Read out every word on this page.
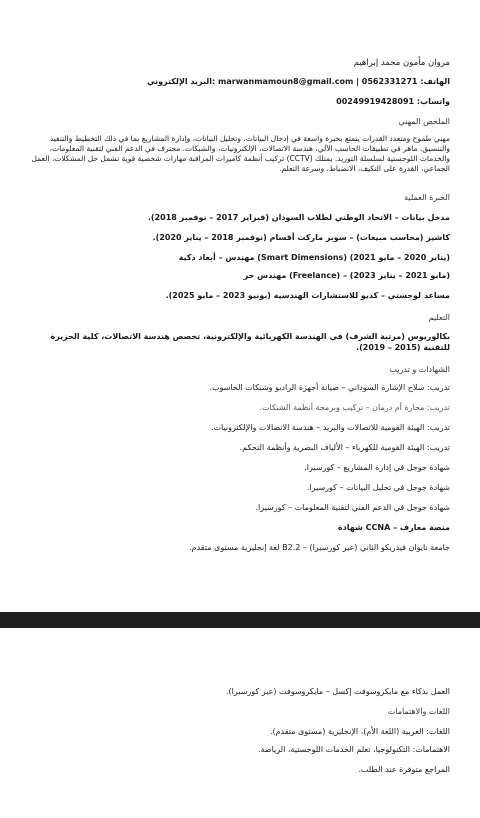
مروان مأمون محمد إبراهيم
الهاتف: 0562331271 | marwanmamoun8@gmail.com :البريد الإلكتروني
واتساب: 00249919428091
الملخص المهني
مهني طموح ومتعدد القدرات يتمتع بخبرة واسعة في إدخال البيانات، وتحليل البيانات، وإدارة المشاريع بما في ذلك التخطيط والتنفيذ والتنسيق. ماهر في تطبيقات الحاسب الآلي، هندسة الاتصالات، الإلكترونيات، والشبكات. محترف في الدعم الفني لتقنية المعلومات، والخدمات اللوجستية لسلسلة التوريد. يمتلك (CCTV) تركيب أنظمة كاميرات المراقبة مهارات شخصية قوية تشمل حل المشكلات، العمل الجماعي، القدرة على التكيف، الانضباط، وسرعة التعلم.
الخبرة العملية
مدخل بيانات – الاتحاد الوطني لطلاب السودان (فبراير 2017 – نوفمبر 2018).
كاشير (محاسب مبيعات) – سوبر ماركت أقسام (نوفمبر 2018 – يناير 2020).
(يناير 2020 – مايو 2021) (Smart Dimensions) مهندس – أبعاد ذكية
(مايو 2021 – يناير 2023) – (Freelance) مهندس حر
مساعد لوجستي – كديو للاستشارات الهندسية (يونيو 2023 – مايو 2025).
التعليم
بكالوريوس (مرتبة الشرف) في الهندسة الكهربائية والإلكترونية، تخصص هندسة الاتصالات، كلية الجزيرة للتقنية (2015 – 2019).
الشهادات و تدريب
تدريب: سلاح الإشارة السوداني – صيانة أجهزة الراديو وشبكات الحاسوب.
تدريب: مجارة أم درمان – تركيب وبرمجة أنظمة الشبكات.
تدريب: الهيئة القومية للاتصالات والبريد – هندسة الاتصالات والإلكترونيات.
تدريب: الهيئة القومية للكهرباء – الألياف البصرية وأنظمة التحكم.
شهادة جوجل في إدارة المشاريع – كورسيرا.
شهادة جوجل في تحليل البيانات – كورسيرا.
شهادة جوجل في الدعم الفني لتقنية المعلومات – كورسيرا.
منصة معارف – CCNA شهادة
جامعة تايوان فيدريكو الثاني (عبر كورسيرا) – B2.2 لغة إنجليزية مستوى متقدم.
العمل بذكاء مع مايكروسوفت إكسل – مايكروسوفت (عبر كورسيرا).
اللغات والاهتمامات
اللغات: العربية (اللغة الأم)، الإنجليزية (مستوى متقدم).
الاهتمامات: التكنولوجيا، تعلم الخدمات اللوجستية، الرياضة.
المراجع متوفرة عند الطلب.
